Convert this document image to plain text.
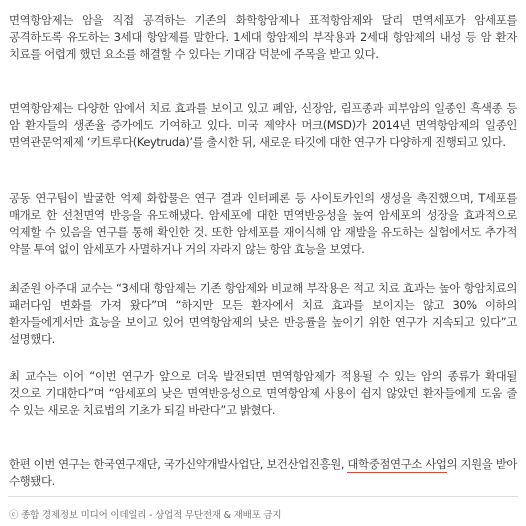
면역항암제는 암을 직접 공격하는 기존의 화학항암제나 표적항암제와 달리 면역세포가 암세포를 공격하도록 유도하는 3세대 항암제를 말한다. 1세대 항암제의 부작용과 2세대 항암제의 내성 등 암 환자 치료를 어렵게 했던 요소를 해결할 수 있다는 기대감 덕분에 주목을 받고 있다.

면역항암제는 다양한 암에서 치료 효과를 보이고 있고 폐암, 신장암, 림프종과 피부암의 일종인 흑색종 등 암 환자들의 생존율 증가에도 기여하고 있다. 미국 제약사 머크(MSD)가 2014년 면역항암제의 일종인 면역관문억제제 ‘키트루다(Keytruda)’를 출시한 뒤, 새로운 타깃에 대한 연구가 다양하게 진행되고 있다.

공동 연구팀이 발굴한 억제 화합물은 연구 결과 인터페론 등 사이토카인의 생성을 촉진했으며, T세포를 매개로 한 선천면역 반응을 유도해냈다. 암세포에 대한 면역반응성을 높여 암세포의 성장을 효과적으로 억제할 수 있음을 연구를 통해 확인한 것. 또한 암세포를 재이식해 암 재발을 유도하는 실험에서도 추가적 약물 투여 없이 암세포가 사멸하거나 거의 자라지 않는 항암 효능을 보였다.

최준원 아주대 교수는 “3세대 항암제는 기존 항암제와 비교해 부작용은 적고 치료 효과는 높아 항암치료의 패러다임 변화를 가져 왔다”며 “하지만 모든 환자에서 치료 효과를 보이지는 않고 30% 이하의 환자들에게서만 효능을 보이고 있어 면역항암제의 낮은 반응률을 높이기 위한 연구가 지속되고 있다”고 설명했다.

최 교수는 이어 “이번 연구가 앞으로 더욱 발전되면 면역항암제가 적용될 수 있는 암의 종류가 확대될 것으로 기대한다”며 “암세포의 낮은 면역반응성으로 면역항암제 사용이 쉽지 않았던 환자들에게 도움 줄 수 있는 새로운 치료법의 기초가 되길 바란다”고 밝혔다.

한편 이번 연구는 한국연구재단, 국가신약개발사업단, 보건산업진흥원, 대학중점연구소 사업의 지원을 받아 수행됐다.

ⓒ 종합 경제정보 미디어 이데일리 - 상업적 무단전재 & 재배포 금지
